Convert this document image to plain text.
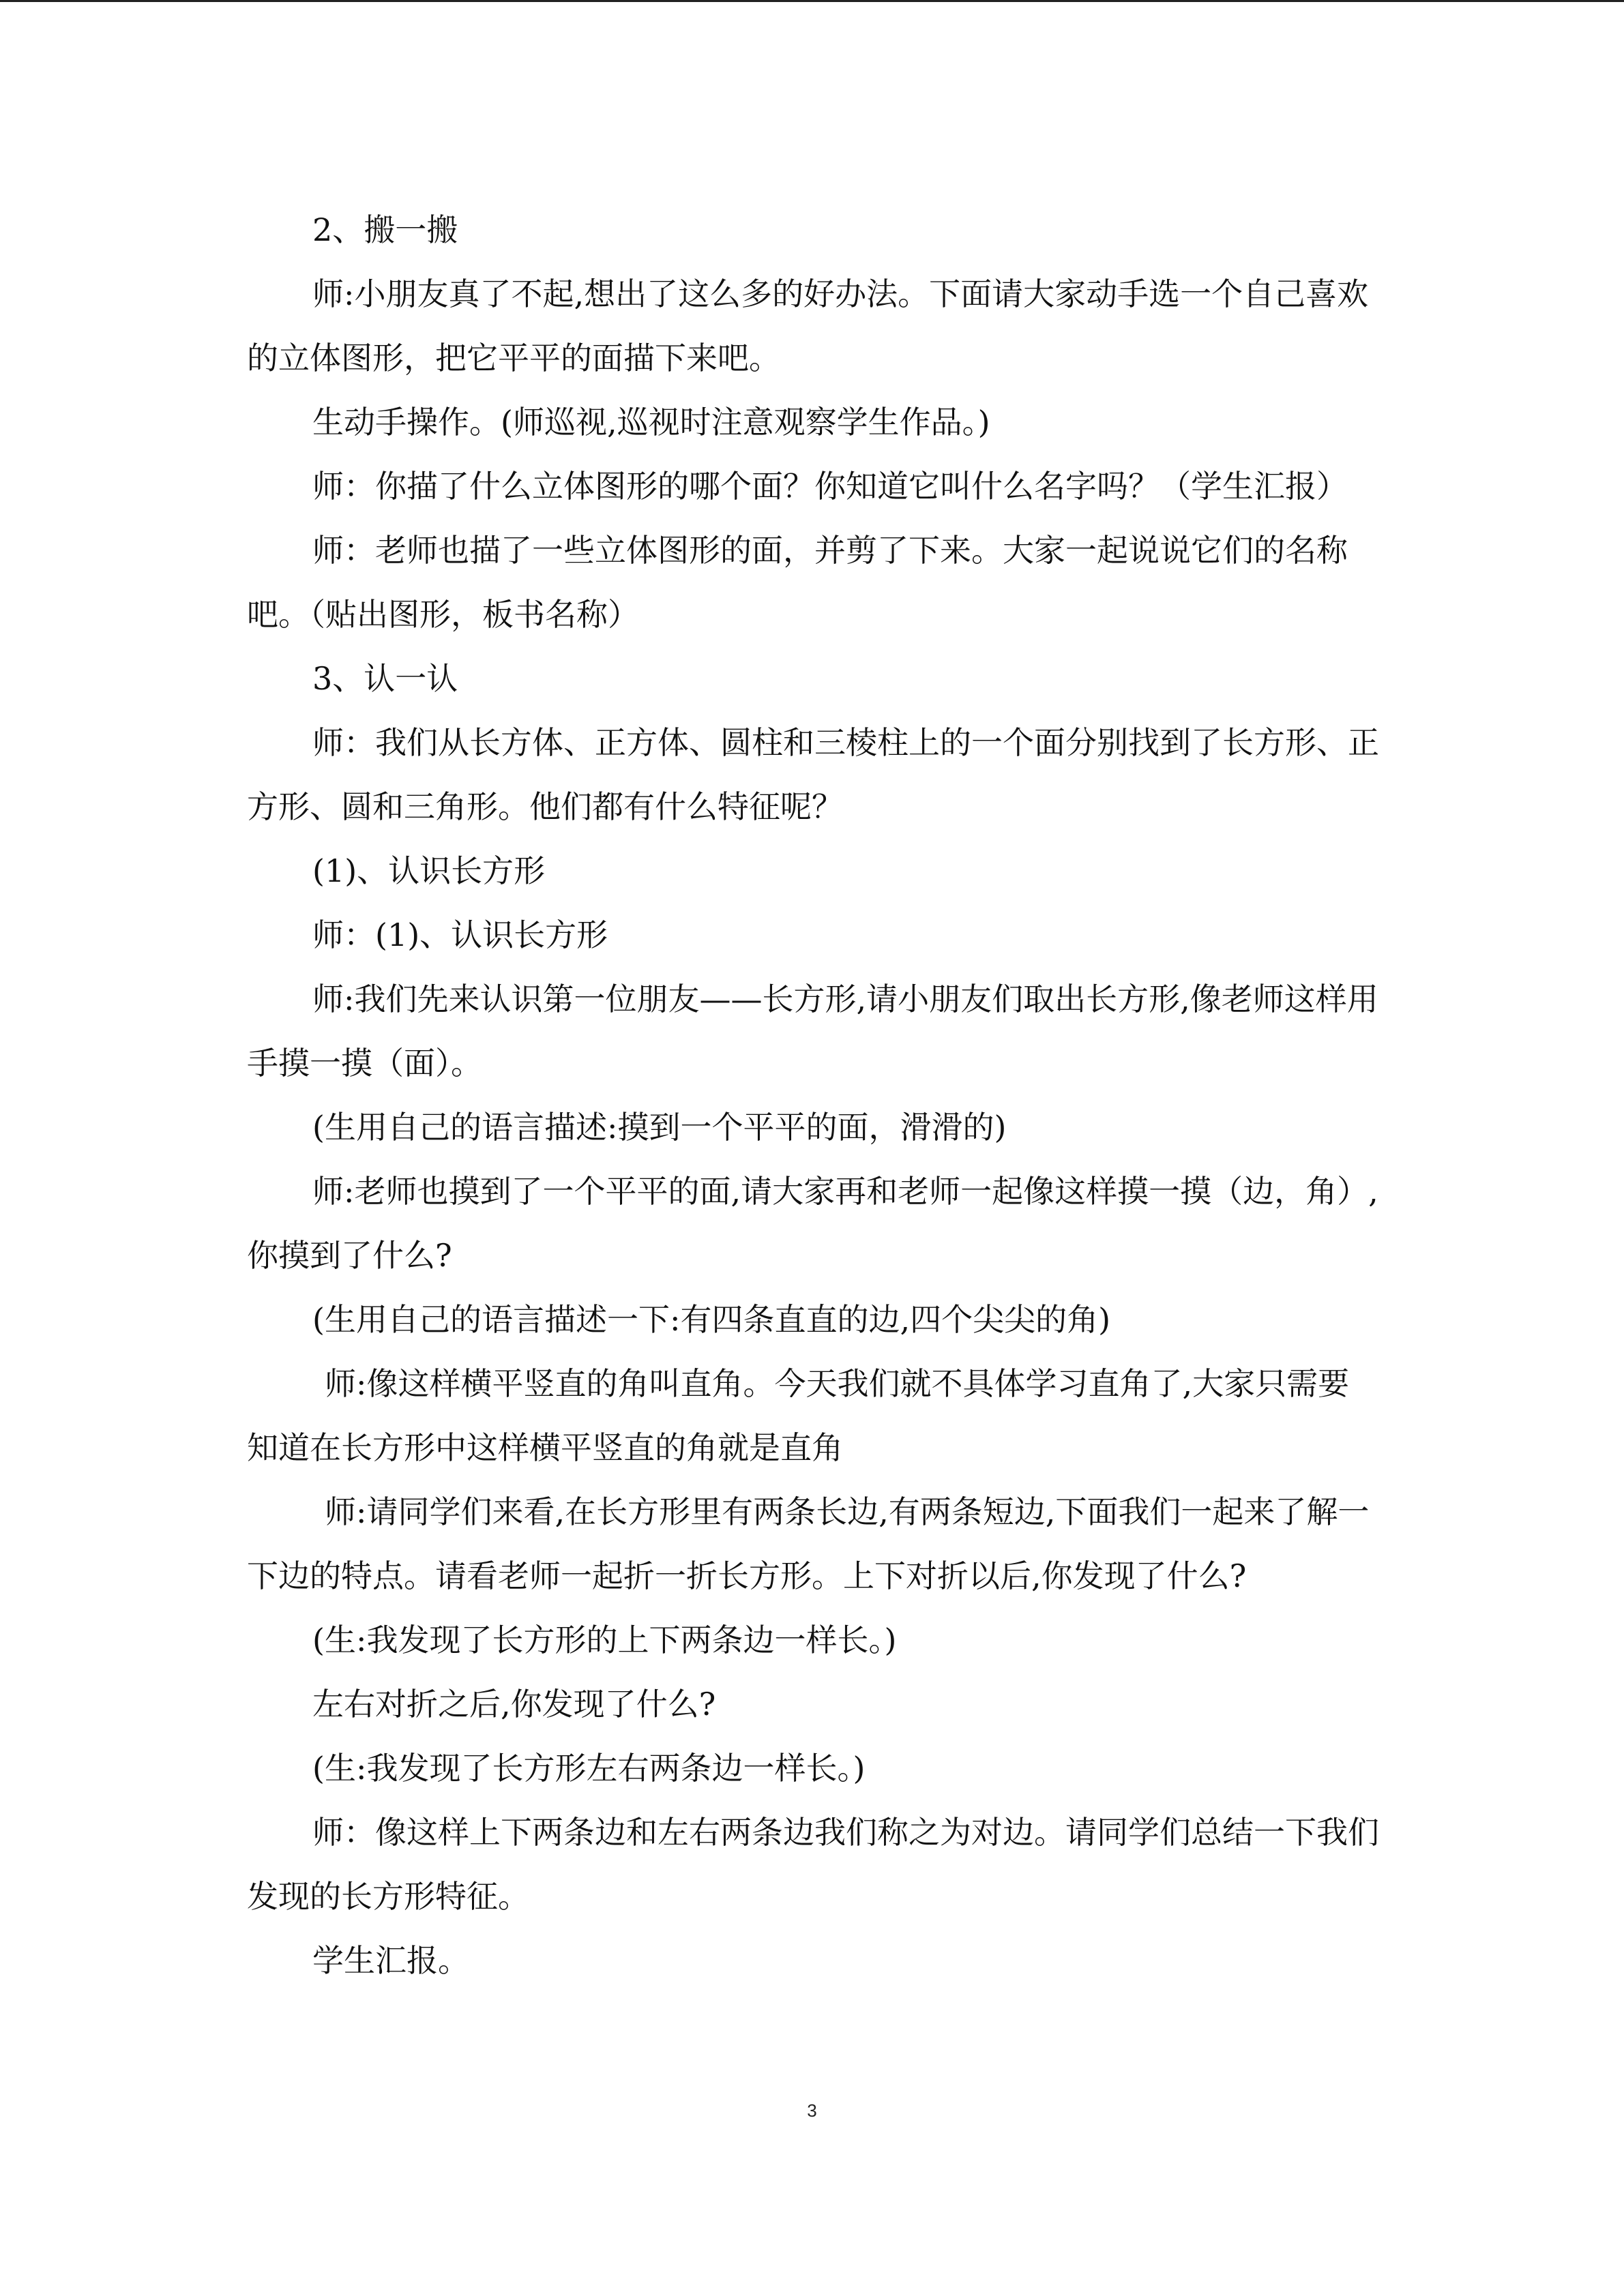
2、搬一搬

师:小朋友真了不起,想出了这么多的好办法。下面请大家动手选一个自己喜欢的立体图形，把它平平的面描下来吧。

生动手操作。(师巡视,巡视时注意观察学生作品。)

师：你描了什么立体图形的哪个面？你知道它叫什么名字吗？（学生汇报）

师：老师也描了一些立体图形的面，并剪了下来。大家一起说说它们的名称吧。（贴出图形，板书名称）

3、认一认

师：我们从长方体、正方体、圆柱和三棱柱上的一个面分别找到了长方形、正方形、圆和三角形。他们都有什么特征呢？

(1)、认识长方形

师：(1)、认识长方形

师:我们先来认识第一位朋友——长方形,请小朋友们取出长方形,像老师这样用手摸一摸（面）。

(生用自己的语言描述:摸到一个平平的面，滑滑的)

师:老师也摸到了一个平平的面,请大家再和老师一起像这样摸一摸（边，角）,你摸到了什么?

(生用自己的语言描述一下:有四条直直的边,四个尖尖的角)

师:像这样横平竖直的角叫直角。今天我们就不具体学习直角了,大家只需要知道在长方形中这样横平竖直的角就是直角

师:请同学们来看,在长方形里有两条长边,有两条短边,下面我们一起来了解一下边的特点。请看老师一起折一折长方形。上下对折以后,你发现了什么?

(生:我发现了长方形的上下两条边一样长。)

左右对折之后,你发现了什么?

(生:我发现了长方形左右两条边一样长。)

师：像这样上下两条边和左右两条边我们称之为对边。请同学们总结一下我们发现的长方形特征。

学生汇报。

3
